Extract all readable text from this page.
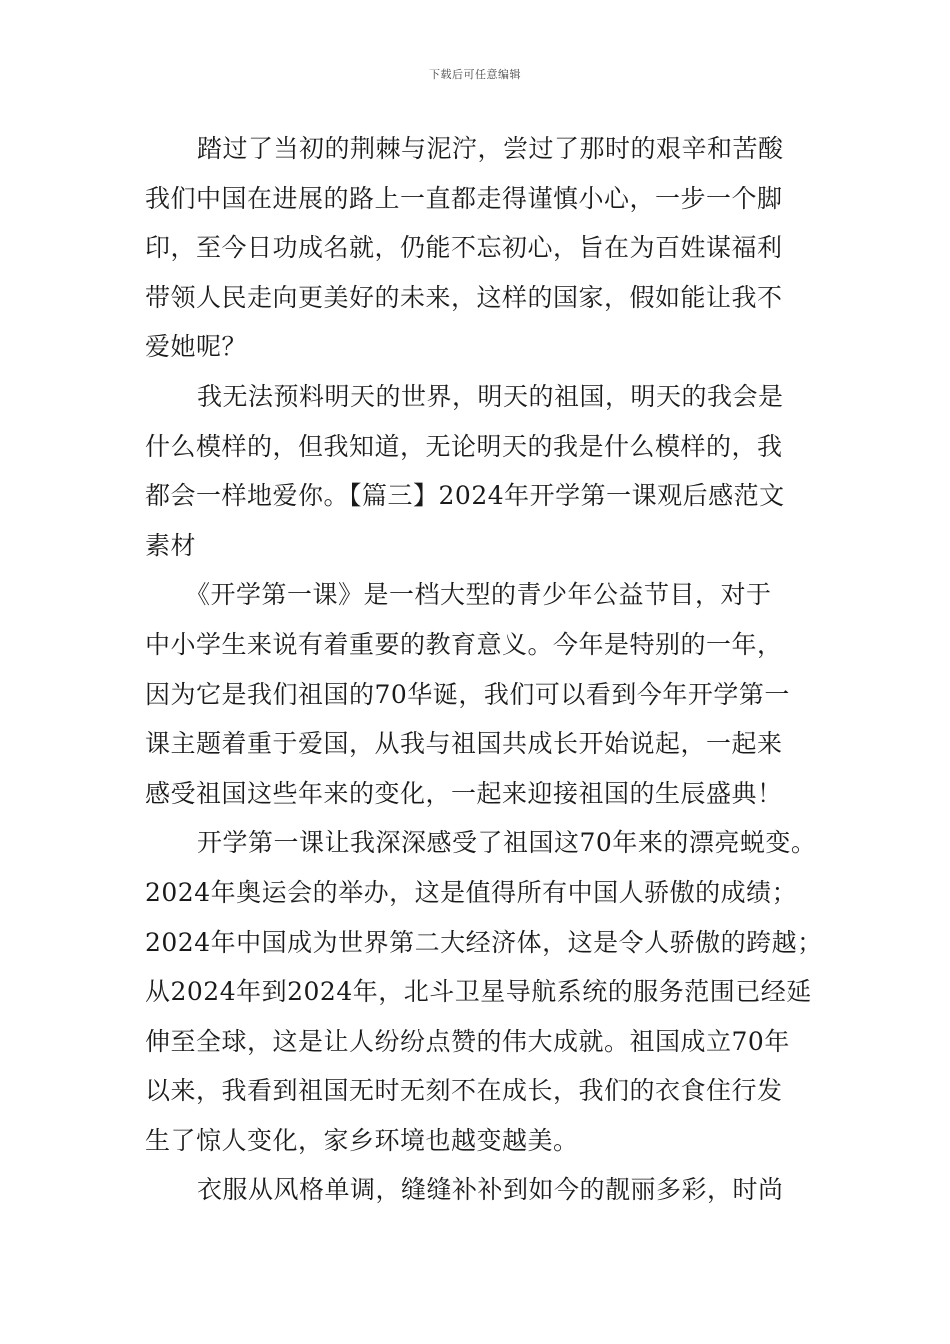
下载后可任意编辑
踏过了当初的荆棘与泥泞，尝过了那时的艰辛和苦酸
我们中国在进展的路上一直都走得谨慎小心，一步一个脚
印，至今日功成名就，仍能不忘初心，旨在为百姓谋福利
带领人民走向更美好的未来，这样的国家，假如能让我不
爱她呢？
我无法预料明天的世界，明天的祖国，明天的我会是
什么模样的，但我知道，无论明天的我是什么模样的，我
都会一样地爱你。【篇三】2024年开学第一课观后感范文
素材
《开学第一课》是一档大型的青少年公益节目，对于
中小学生来说有着重要的教育意义。今年是特别的一年，
因为它是我们祖国的70华诞，我们可以看到今年开学第一
课主题着重于爱国，从我与祖国共成长开始说起，一起来
感受祖国这些年来的变化，一起来迎接祖国的生辰盛典！
开学第一课让我深深感受了祖国这70年来的漂亮蜕变。
2024年奥运会的举办，这是值得所有中国人骄傲的成绩；
2024年中国成为世界第二大经济体，这是令人骄傲的跨越；
从2024年到2024年，北斗卫星导航系统的服务范围已经延
伸至全球，这是让人纷纷点赞的伟大成就。祖国成立70年
以来，我看到祖国无时无刻不在成长，我们的衣食住行发
生了惊人变化，家乡环境也越变越美。
衣服从风格单调，缝缝补补到如今的靓丽多彩，时尚
